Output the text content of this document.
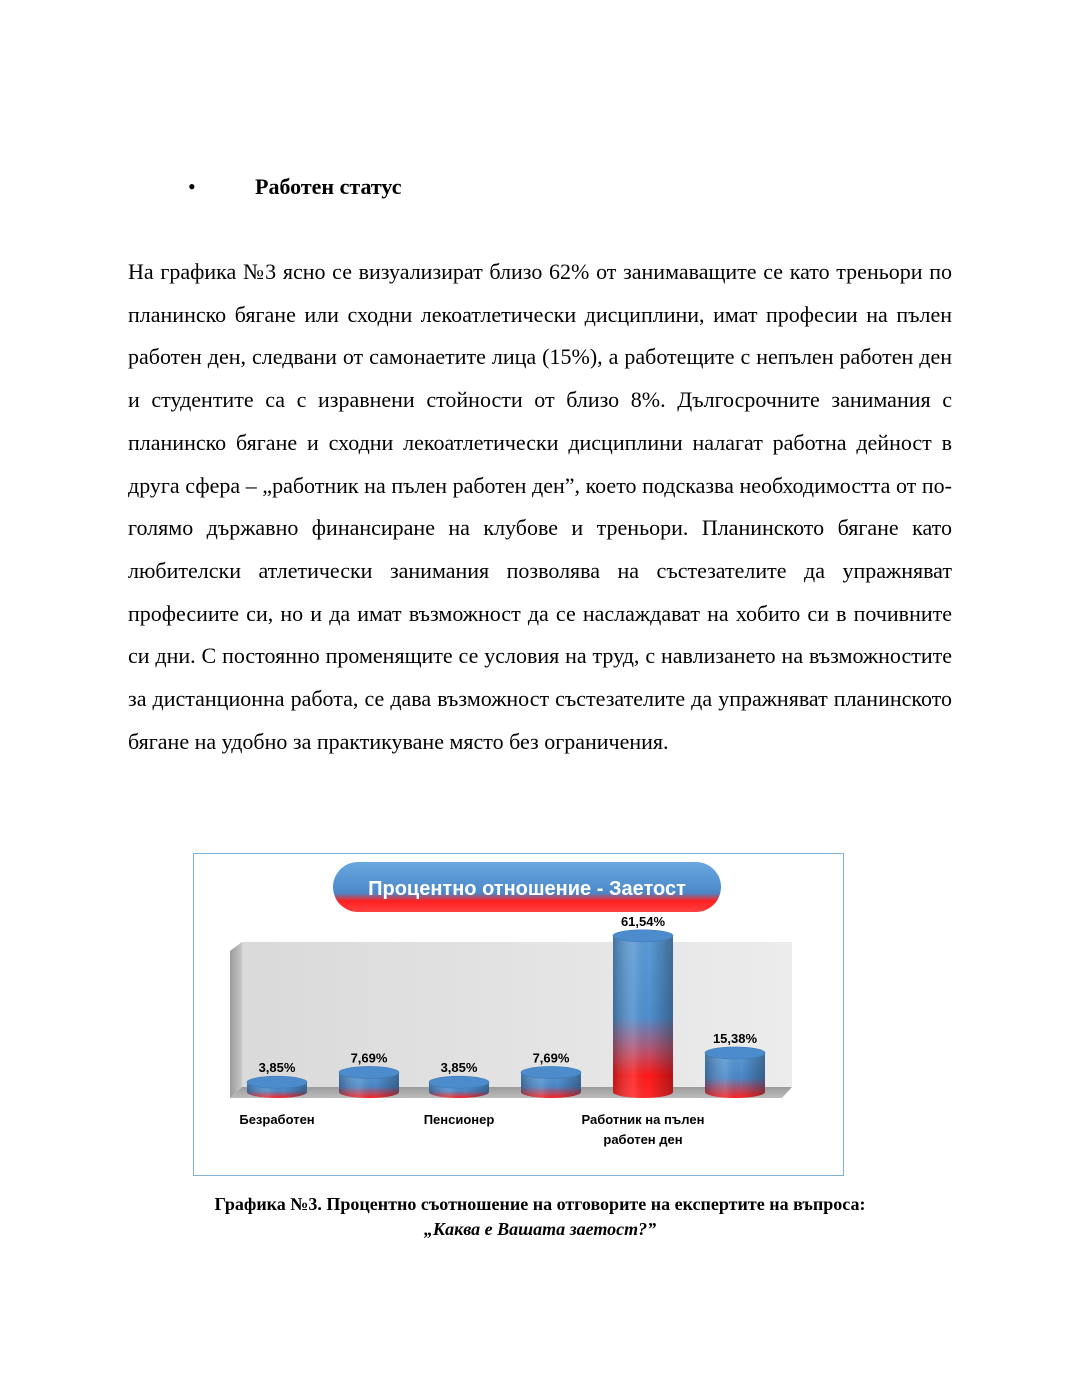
•	Работен статус

На графика №3 ясно се визуализират близо 62% от занимаващите се като треньори по планинско бягане или сходни лекоатлетически дисциплини, имат професии на пълен работен ден, следвани от самонаетите лица (15%), а работещите с непълен работен ден и студентите са с изравнени стойности от близо 8%. Дългосрочните занимания с планинско бягане и сходни лекоатлетически дисциплини налагат работна дейност в друга сфера – „работник на пълен работен ден”, което подсказва необходимостта от по-голямо държавно финансиране на клубове и треньори. Планинското бягане като любителски атлетически занимания позволява на състезателите да упражняват професиите си, но и да имат възможност да се наслаждават на хобито си в почивните си дни. С постоянно променящите се условия на труд, с навлизането на възможностите за дистанционна работа, се дава възможност състезателите да упражняват планинското бягане на удобно за практикуване място без ограничения.

Процентно отношение - Заетост
3,85%
7,69%
3,85%
7,69%
61,54%
15,38%
Безработен	Пенсионер	Работник на пълен работен ден
Графика №3. Процентно съотношение на отговорите на експертите на въпроса:
„Каква е Вашата заетост?”
